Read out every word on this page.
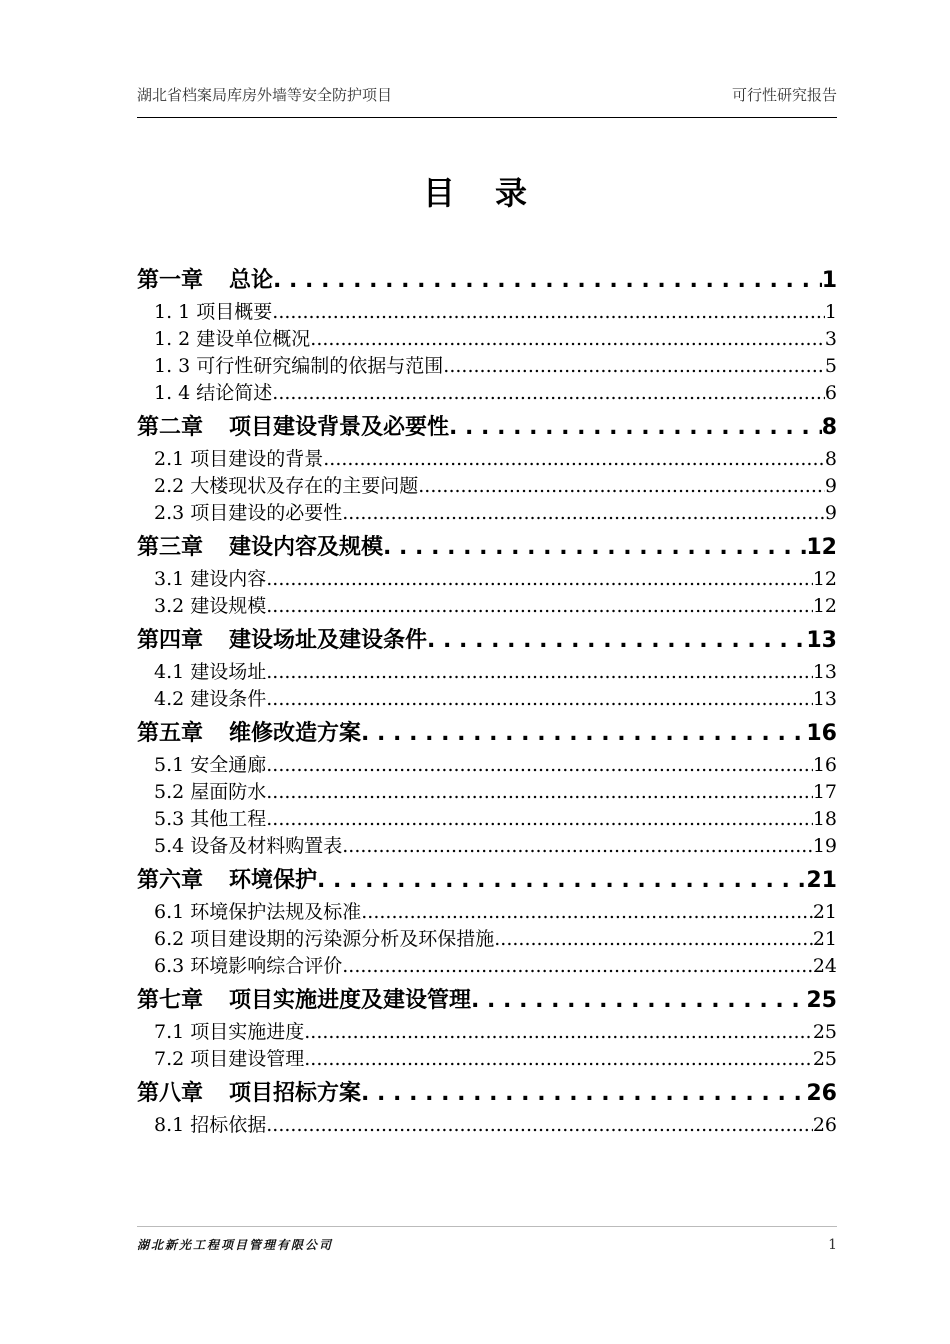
湖北省档案局库房外墙等安全防护项目	可行性研究报告
目录
第一章 总论 . . .	1
1. 1 项目概要 .....	1
1. 2 建设单位概况 .....	3
1. 3 可行性研究编制的依据与范围 .....	5
1. 4 结论简述 .....	6
第二章 项目建设背景及必要性 . . .	8
2.1 项目建设的背景 .....	8
2.2 大楼现状及存在的主要问题 .....	9
2.3 项目建设的必要性 .....	9
第三章 建设内容及规模 . . .	12
3.1 建设内容 .....	12
3.2 建设规模 .....	12
第四章 建设场址及建设条件 . . .	13
4.1 建设场址 .....	13
4.2 建设条件 .....	13
第五章 维修改造方案 . . .	16
5.1 安全通廊 .....	16
5.2 屋面防水 .....	17
5.3 其他工程 .....	18
5.4 设备及材料购置表 .....	19
第六章 环境保护 . . .	21
6.1 环境保护法规及标准 .....	21
6.2 项目建设期的污染源分析及环保措施 .....	21
6.3 环境影响综合评价 .....	24
第七章 项目实施进度及建设管理 . . .	25
7.1 项目实施进度 .....	25
7.2 项目建设管理 .....	25
第八章 项目招标方案 . . .	26
8.1 招标依据 .....	26
湖北新光工程项目管理有限公司	1
